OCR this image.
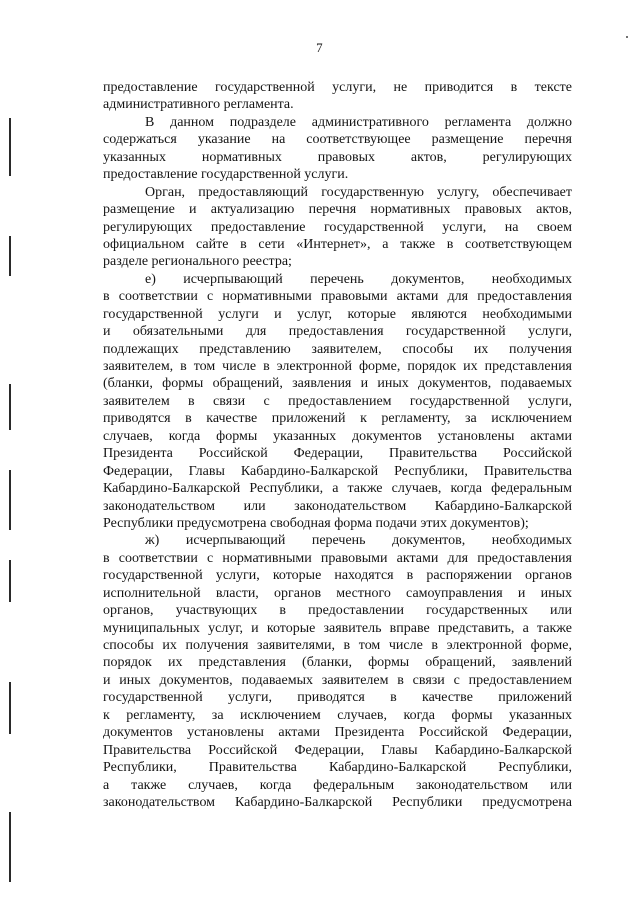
7
предоставление государственной услуги, не приводится в тексте
административного регламента.
В данном подразделе административного регламента должно
содержаться указание на соответствующее размещение перечня
указанных нормативных правовых актов, регулирующих
предоставление государственной услуги.
Орган, предоставляющий государственную услугу, обеспечивает
размещение и актуализацию перечня нормативных правовых актов,
регулирующих предоставление государственной услуги, на своем
официальном сайте в сети «Интернет», а также в соответствующем
разделе регионального реестра;
е) исчерпывающий перечень документов, необходимых
в соответствии с нормативными правовыми актами для предоставления
государственной услуги и услуг, которые являются необходимыми
и обязательными для предоставления государственной услуги,
подлежащих представлению заявителем, способы их получения
заявителем, в том числе в электронной форме, порядок их представления
(бланки, формы обращений, заявления и иных документов, подаваемых
заявителем в связи с предоставлением государственной услуги,
приводятся в качестве приложений к регламенту, за исключением
случаев, когда формы указанных документов установлены актами
Президента Российской Федерации, Правительства Российской
Федерации, Главы Кабардино-Балкарской Республики, Правительства
Кабардино-Балкарской Республики, а также случаев, когда федеральным
законодательством или законодательством Кабардино-Балкарской
Республики предусмотрена свободная форма подачи этих документов);
ж) исчерпывающий перечень документов, необходимых
в соответствии с нормативными правовыми актами для предоставления
государственной услуги, которые находятся в распоряжении органов
исполнительной власти, органов местного самоуправления и иных
органов, участвующих в предоставлении государственных или
муниципальных услуг, и которые заявитель вправе представить, а также
способы их получения заявителями, в том числе в электронной форме,
порядок их представления (бланки, формы обращений, заявлений
и иных документов, подаваемых заявителем в связи с предоставлением
государственной услуги, приводятся в качестве приложений
к регламенту, за исключением случаев, когда формы указанных
документов установлены актами Президента Российской Федерации,
Правительства Российской Федерации, Главы Кабардино-Балкарской
Республики, Правительства Кабардино-Балкарской Республики,
а также случаев, когда федеральным законодательством или
законодательством Кабардино-Балкарской Республики предусмотрена
